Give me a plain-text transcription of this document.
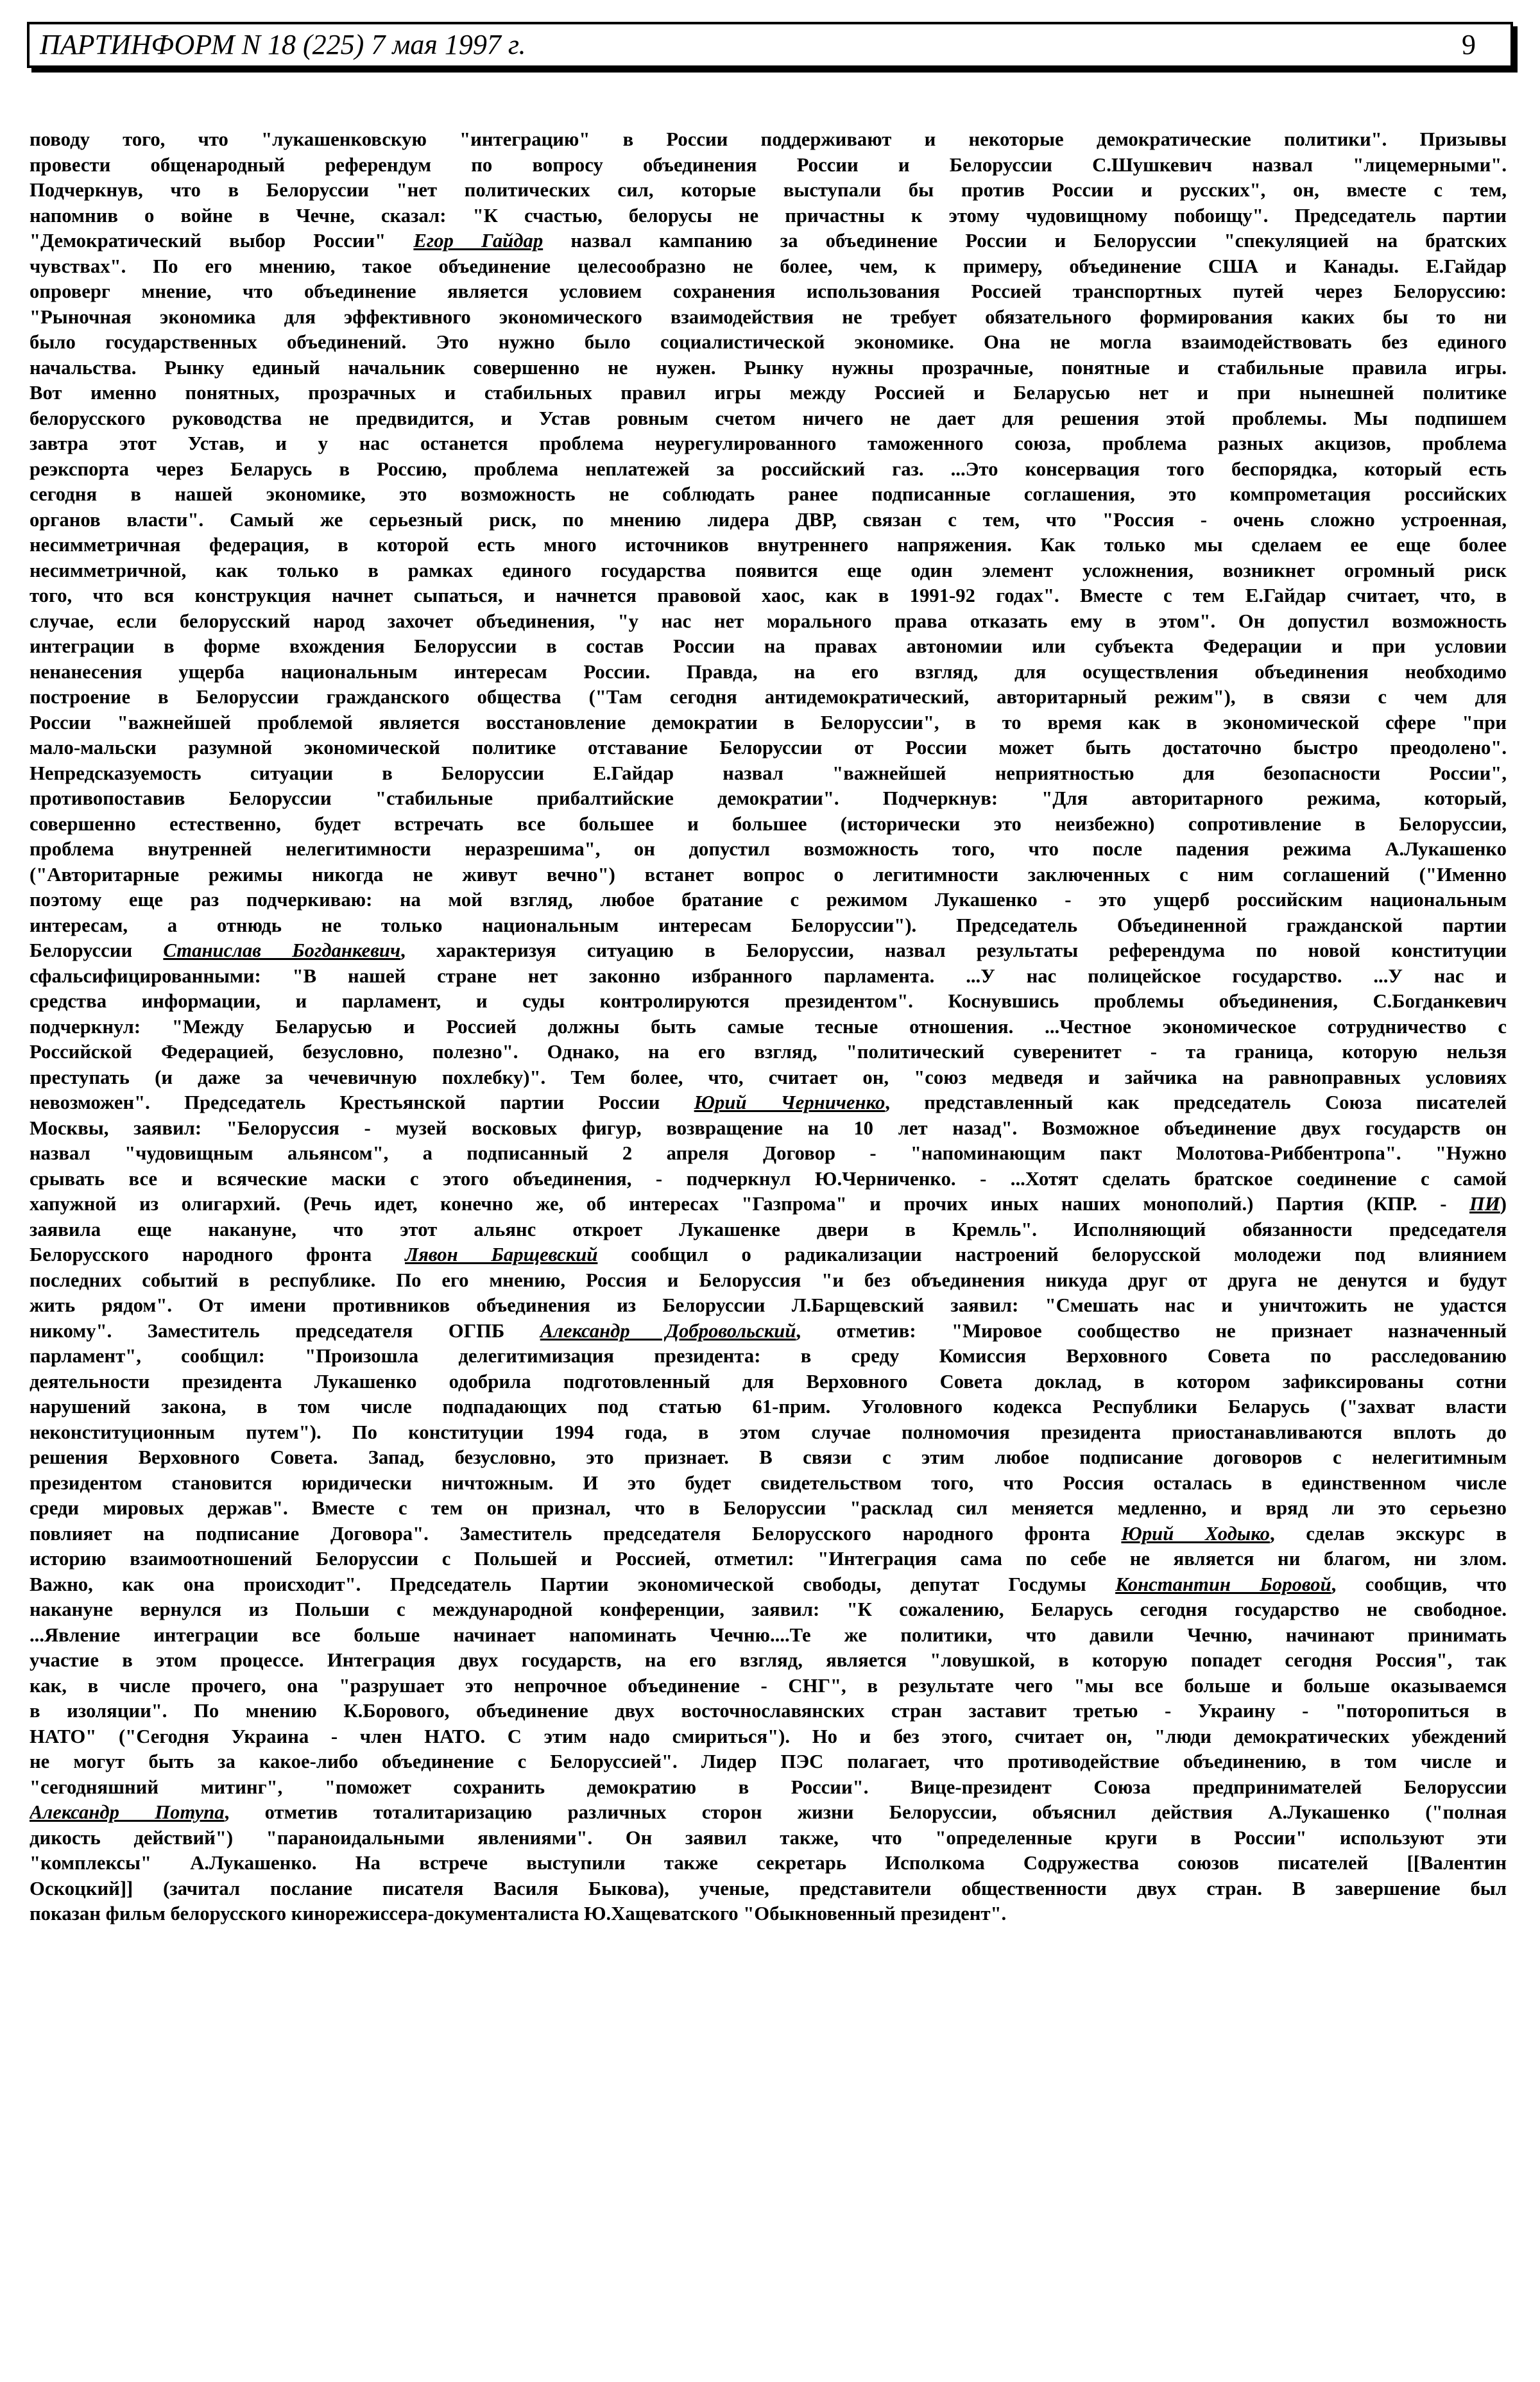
ПАРТИНФОРМ N 18 (225) 7 мая 1997 г.	9
поводу того, что "лукашенковскую "интеграцию" в России поддерживают и некоторые демократические политики". Призывы
провести общенародный референдум по вопросу объединения России и Белоруссии С.Шушкевич назвал "лицемерными".
Подчеркнув, что в Белоруссии "нет политических сил, которые выступали бы против России и русских", он, вместе с тем,
напомнив о войне в Чечне, сказал: "К счастью, белорусы не причастны к этому чудовищному побоищу". Председатель партии
"Демократический выбор России" Егор Гайдар назвал кампанию за объединение России и Белоруссии "спекуляцией на братских
чувствах". По его мнению, такое объединение целесообразно не более, чем, к примеру, объединение США и Канады. Е.Гайдар
опроверг мнение, что объединение является условием сохранения использования Россией транспортных путей через Белоруссию:
"Рыночная экономика для эффективного экономического взаимодействия не требует обязательного формирования каких бы то ни
было государственных объединений. Это нужно было социалистической экономике. Она не могла взаимодействовать без единого
начальства. Рынку единый начальник совершенно не нужен. Рынку нужны прозрачные, понятные и стабильные правила игры.
Вот именно понятных, прозрачных и стабильных правил игры между Россией и Беларусью нет и при нынешней политике
белорусского руководства не предвидится, и Устав ровным счетом ничего не дает для решения этой проблемы. Мы подпишем
завтра этот Устав, и у нас останется проблема неурегулированного таможенного союза, проблема разных акцизов, проблема
реэкспорта через Беларусь в Россию, проблема неплатежей за российский газ. ...Это консервация того беспорядка, который есть
сегодня в нашей экономике, это возможность не соблюдать ранее подписанные соглашения, это компрометация российских
органов власти". Самый же серьезный риск, по мнению лидера ДВР, связан с тем, что "Россия - очень сложно устроенная,
несимметричная федерация, в которой есть много источников внутреннего напряжения. Как только мы сделаем ее еще более
несимметричной, как только в рамках единого государства появится еще один элемент усложнения, возникнет огромный риск
того, что вся конструкция начнет сыпаться, и начнется правовой хаос, как в 1991-92 годах". Вместе с тем Е.Гайдар считает, что, в
случае, если белорусский народ захочет объединения, "у нас нет морального права отказать ему в этом". Он допустил возможность
интеграции в форме вхождения Белоруссии в состав России на правах автономии или субъекта Федерации и при условии
ненанесения ущерба национальным интересам России. Правда, на его взгляд, для осуществления объединения необходимо
построение в Белоруссии гражданского общества ("Там сегодня антидемократический, авторитарный режим"), в связи с чем для
России "важнейшей проблемой является восстановление демократии в Белоруссии", в то время как в экономической сфере "при
мало-мальски разумной экономической политике отставание Белоруссии от России может быть достаточно быстро преодолено".
Непредсказуемость ситуации в Белоруссии Е.Гайдар назвал "важнейшей неприятностью для безопасности России",
противопоставив Белоруссии "стабильные прибалтийские демократии". Подчеркнув: "Для авторитарного режима, который,
совершенно естественно, будет встречать все большее и большее (исторически это неизбежно) сопротивление в Белоруссии,
проблема внутренней нелегитимности неразрешима", он допустил возможность того, что после падения режима А.Лукашенко
("Авторитарные режимы никогда не живут вечно") встанет вопрос о легитимности заключенных с ним соглашений ("Именно
поэтому еще раз подчеркиваю: на мой взгляд, любое братание с режимом Лукашенко - это ущерб российским национальным
интересам, а отнюдь не только национальным интересам Белоруссии"). Председатель Объединенной гражданской партии
Белоруссии Станислав Богданкевич, характеризуя ситуацию в Белоруссии, назвал результаты референдума по новой конституции
сфальсифицированными: "В нашей стране нет законно избранного парламента. ...У нас полицейское государство. ...У нас и
средства информации, и парламент, и суды контролируются президентом". Коснувшись проблемы объединения, С.Богданкевич
подчеркнул: "Между Беларусью и Россией должны быть самые тесные отношения. ...Честное экономическое сотрудничество с
Российской Федерацией, безусловно, полезно". Однако, на его взгляд, "политический суверенитет - та граница, которую нельзя
преступать (и даже за чечевичную похлебку)". Тем более, что, считает он, "союз медведя и зайчика на равноправных условиях
невозможен". Председатель Крестьянской партии России Юрий Черниченко, представленный как председатель Союза писателей
Москвы, заявил: "Белоруссия - музей восковых фигур, возвращение на 10 лет назад". Возможное объединение двух государств он
назвал "чудовищным альянсом", а подписанный 2 апреля Договор - "напоминающим пакт Молотова-Риббентропа". "Нужно
срывать все и всяческие маски с этого объединения, - подчеркнул Ю.Черниченко. - ...Хотят сделать братское соединение с самой
хапужной из олигархий. (Речь идет, конечно же, об интересах "Газпрома" и прочих иных наших монополий.) Партия (КПР. - ПИ)
заявила еще накануне, что этот альянс откроет Лукашенке двери в Кремль". Исполняющий обязанности председателя
Белорусского народного фронта Лявон Барщевский сообщил о радикализации настроений белорусской молодежи под влиянием
последних событий в республике. По его мнению, Россия и Белоруссия "и без объединения никуда друг от друга не денутся и будут
жить рядом". От имени противников объединения из Белоруссии Л.Барщевский заявил: "Смешать нас и уничтожить не удастся
никому". Заместитель председателя ОГПБ Александр Добровольский, отметив: "Мировое сообщество не признает назначенный
парламент", сообщил: "Произошла делегитимизация президента: в среду Комиссия Верховного Совета по расследованию
деятельности президента Лукашенко одобрила подготовленный для Верховного Совета доклад, в котором зафиксированы сотни
нарушений закона, в том числе подпадающих под статью 61-прим. Уголовного кодекса Республики Беларусь ("захват власти
неконституционным путем"). По конституции 1994 года, в этом случае полномочия президента приостанавливаются вплоть до
решения Верховного Совета. Запад, безусловно, это признает. В связи с этим любое подписание договоров с нелегитимным
президентом становится юридически ничтожным. И это будет свидетельством того, что Россия осталась в единственном числе
среди мировых держав". Вместе с тем он признал, что в Белоруссии "расклад сил меняется медленно, и вряд ли это серьезно
повлияет на подписание Договора". Заместитель председателя Белорусского народного фронта Юрий Ходыко, сделав экскурс в
историю взаимоотношений Белоруссии с Польшей и Россией, отметил: "Интеграция сама по себе не является ни благом, ни злом.
Важно, как она происходит". Председатель Партии экономической свободы, депутат Госдумы Константин Боровой, сообщив, что
накануне вернулся из Польши с международной конференции, заявил: "К сожалению, Беларусь сегодня государство не свободное.
...Явление интеграции все больше начинает напоминать Чечню....Те же политики, что давили Чечню, начинают принимать
участие в этом процессе. Интеграция двух государств, на его взгляд, является "ловушкой, в которую попадет сегодня Россия", так
как, в числе прочего, она "разрушает это непрочное объединение - СНГ", в результате чего "мы все больше и больше оказываемся
в изоляции". По мнению К.Борового, объединение двух восточнославянских стран заставит третью - Украину - "поторопиться в
НАТО" ("Сегодня Украина - член НАТО. С этим надо смириться"). Но и без этого, считает он, "люди демократических убеждений
не могут быть за какое-либо объединение с Белоруссией". Лидер ПЭС полагает, что противодействие объединению, в том числе и
"сегодняшний митинг", "поможет сохранить демократию в России". Вице-президент Союза предпринимателей Белоруссии
Александр Потупа, отметив тоталитаризацию различных сторон жизни Белоруссии, объяснил действия А.Лукашенко ("полная
дикость действий") "параноидальными явлениями". Он заявил также, что "определенные круги в России" используют эти
"комплексы" А.Лукашенко. На встрече выступили также секретарь Исполкома Содружества союзов писателей [[Валентин
Оскоцкий]] (зачитал послание писателя Василя Быкова), ученые, представители общественности двух стран. В завершение был
показан фильм белорусского кинорежиссера-документалиста Ю.Хащеватского "Обыкновенный президент".
